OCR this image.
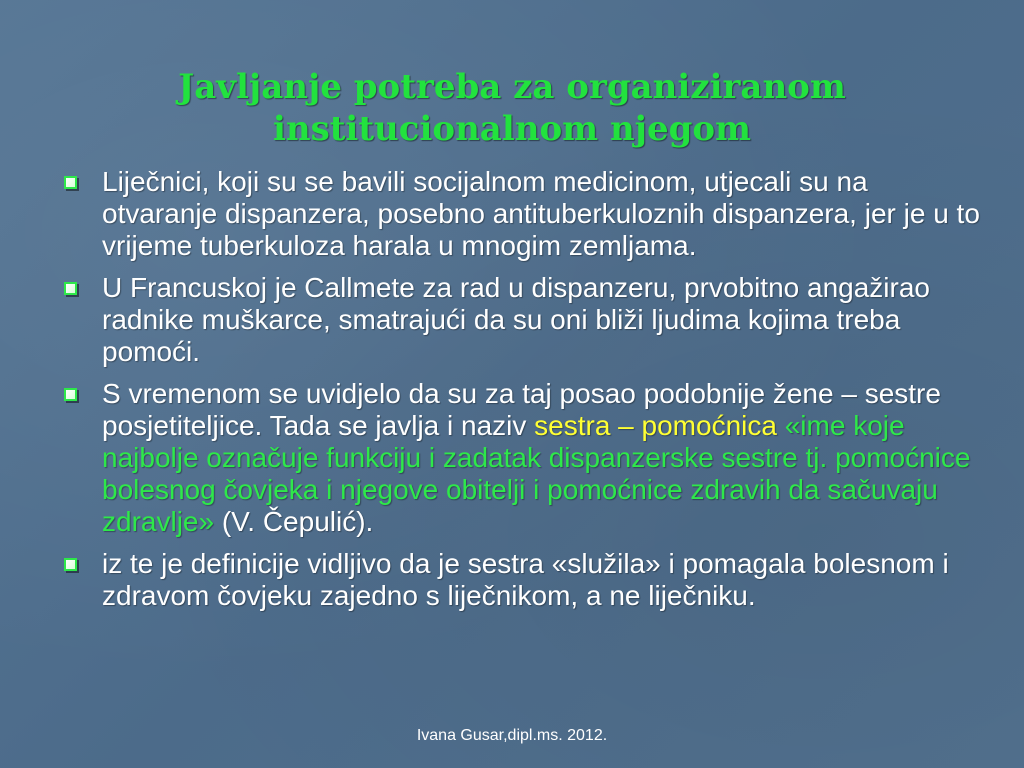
Javljanje potreba za organiziranom institucionalnom njegom
Liječnici, koji su se bavili socijalnom medicinom, utjecali su na otvaranje dispanzera, posebno antituberkuloznih dispanzera, jer je u to vrijeme tuberkuloza harala u mnogim zemljama.
U Francuskoj je Callmete za rad u dispanzeru, prvobitno angažirao radnike muškarce, smatrajući da su oni bliži ljudima kojima treba pomoći.
S vremenom se uvidjelo da su za taj posao podobnije žene – sestre posjetiteljice. Tada se javlja i naziv sestra – pomoćnica «ime koje najbolje označuje funkciju i zadatak dispanzerske sestre tj. pomoćnice bolesnog čovjeka i njegove obitelji i pomoćnice zdravih da sačuvaju zdravlje» (V. Čepulić).
iz te je definicije vidljivo da je sestra «služila» i pomagala bolesnom i zdravom čovjeku zajedno s liječnikom, a ne liječniku.
Ivana Gusar,dipl.ms. 2012.
